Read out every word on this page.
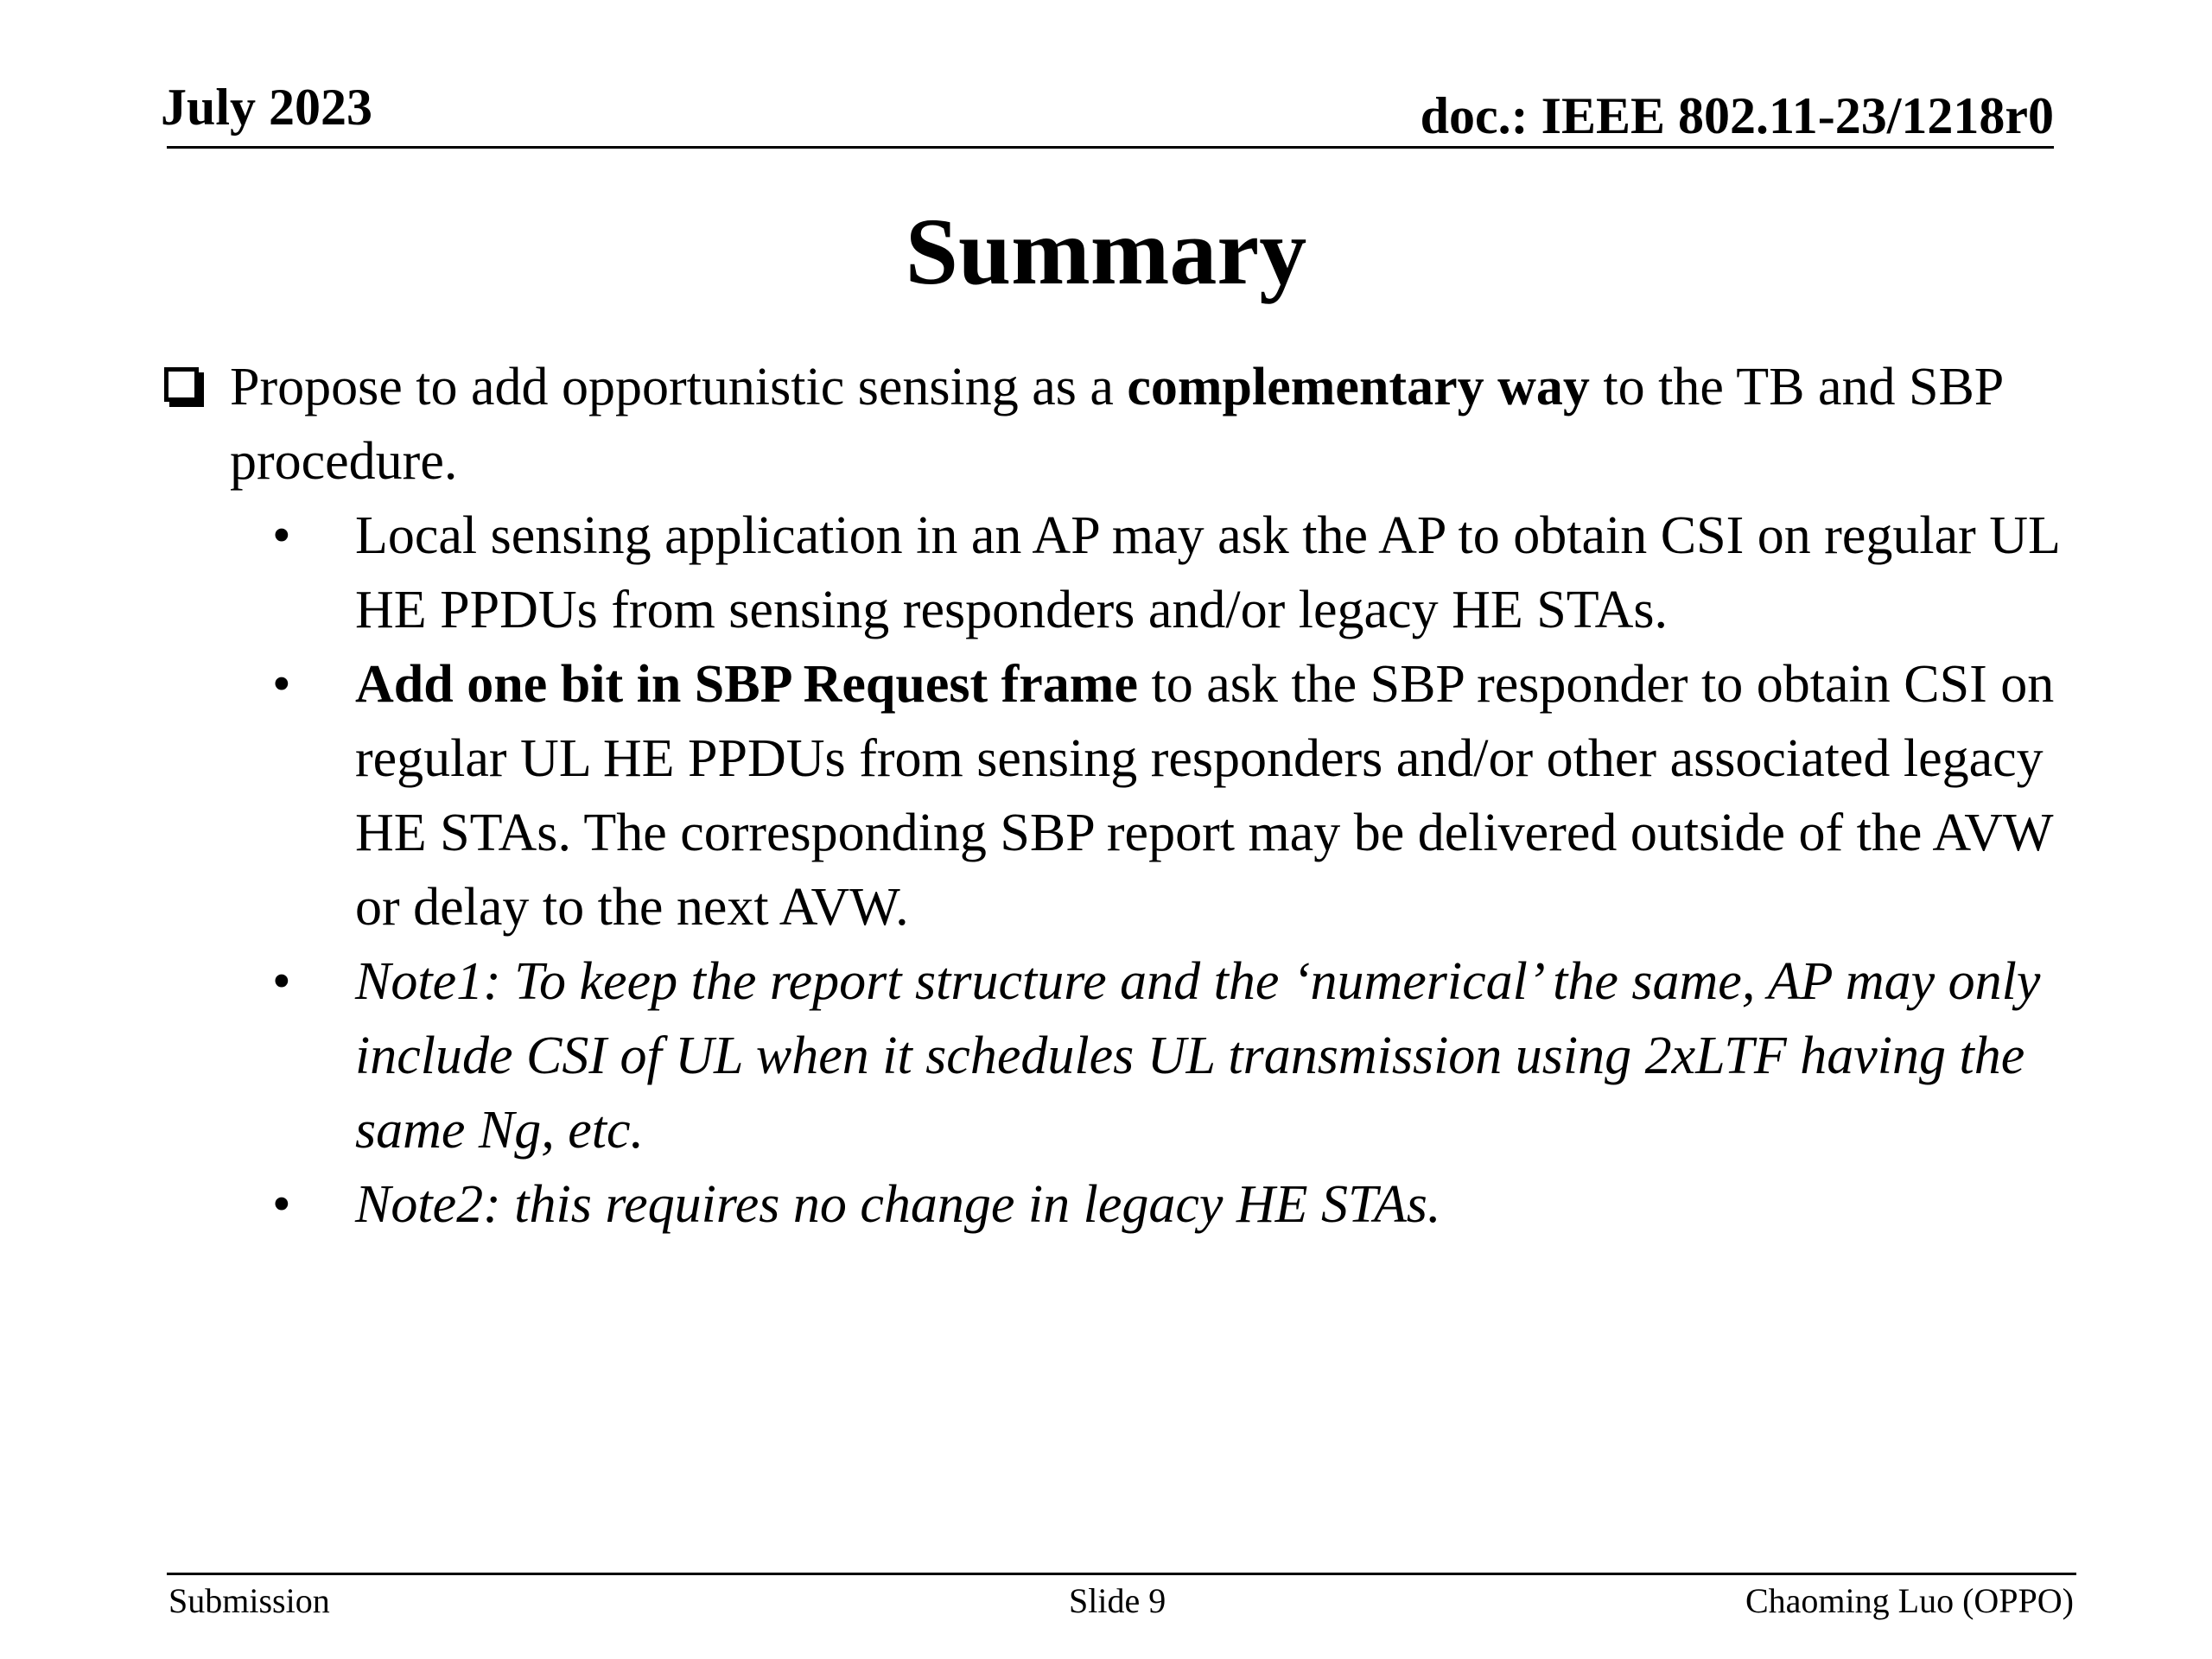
July 2023	doc.: IEEE 802.11-23/1218r0
Summary
Propose to add opportunistic sensing as a complementary way to the TB and SBP procedure.
• Local sensing application in an AP may ask the AP to obtain CSI on regular UL HE PPDUs from sensing responders and/or legacy HE STAs.
• Add one bit in SBP Request frame to ask the SBP responder to obtain CSI on regular UL HE PPDUs from sensing responders and/or other associated legacy HE STAs. The corresponding SBP report may be delivered outside of the AVW or delay to the next AVW.
• Note1: To keep the report structure and the ‘numerical’ the same, AP may only include CSI of UL when it schedules UL transmission using 2xLTF having the same Ng, etc.
• Note2: this requires no change in legacy HE STAs.
Submission	Slide 9	Chaoming Luo (OPPO)
